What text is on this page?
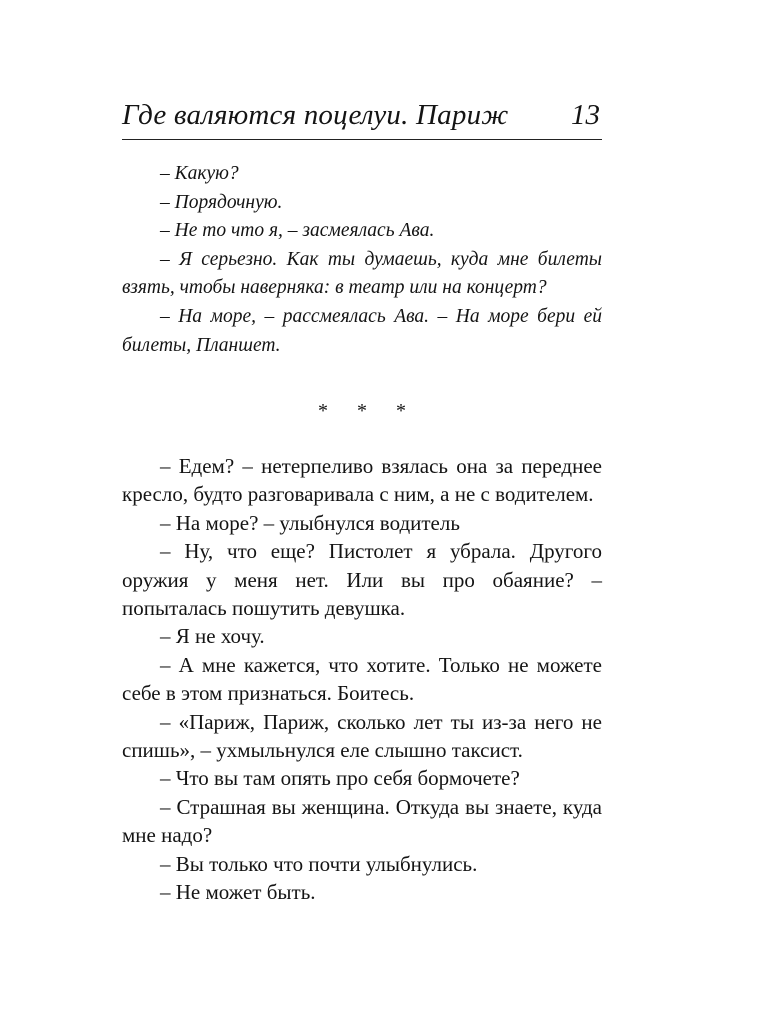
Где валяются поцелуи. Париж 13

– Какую?

– Порядочную.

– Не то что я, – засмеялась Ава.

– Я серьезно. Как ты думаешь, куда мне билеты взять, чтобы наверняка: в театр или на концерт?

– На море, – рассмеялась Ава. – На море бери ей билеты, Планшет.

* * *

– Едем? – нетерпеливо взялась она за переднее кресло, будто разговаривала с ним, а не с водителем.

– На море? – улыбнулся водитель

– Ну, что еще? Пистолет я убрала. Другого оружия у меня нет. Или вы про обаяние? – попыталась пошутить девушка.

– Я не хочу.

– А мне кажется, что хотите. Только не можете себе в этом признаться. Боитесь.

– «Париж, Париж, сколько лет ты из-за него не спишь», – ухмыльнулся еле слышно таксист.

– Что вы там опять про себя бормочете?

– Страшная вы женщина. Откуда вы знаете, куда мне надо?

– Вы только что почти улыбнулись.

– Не может быть.
